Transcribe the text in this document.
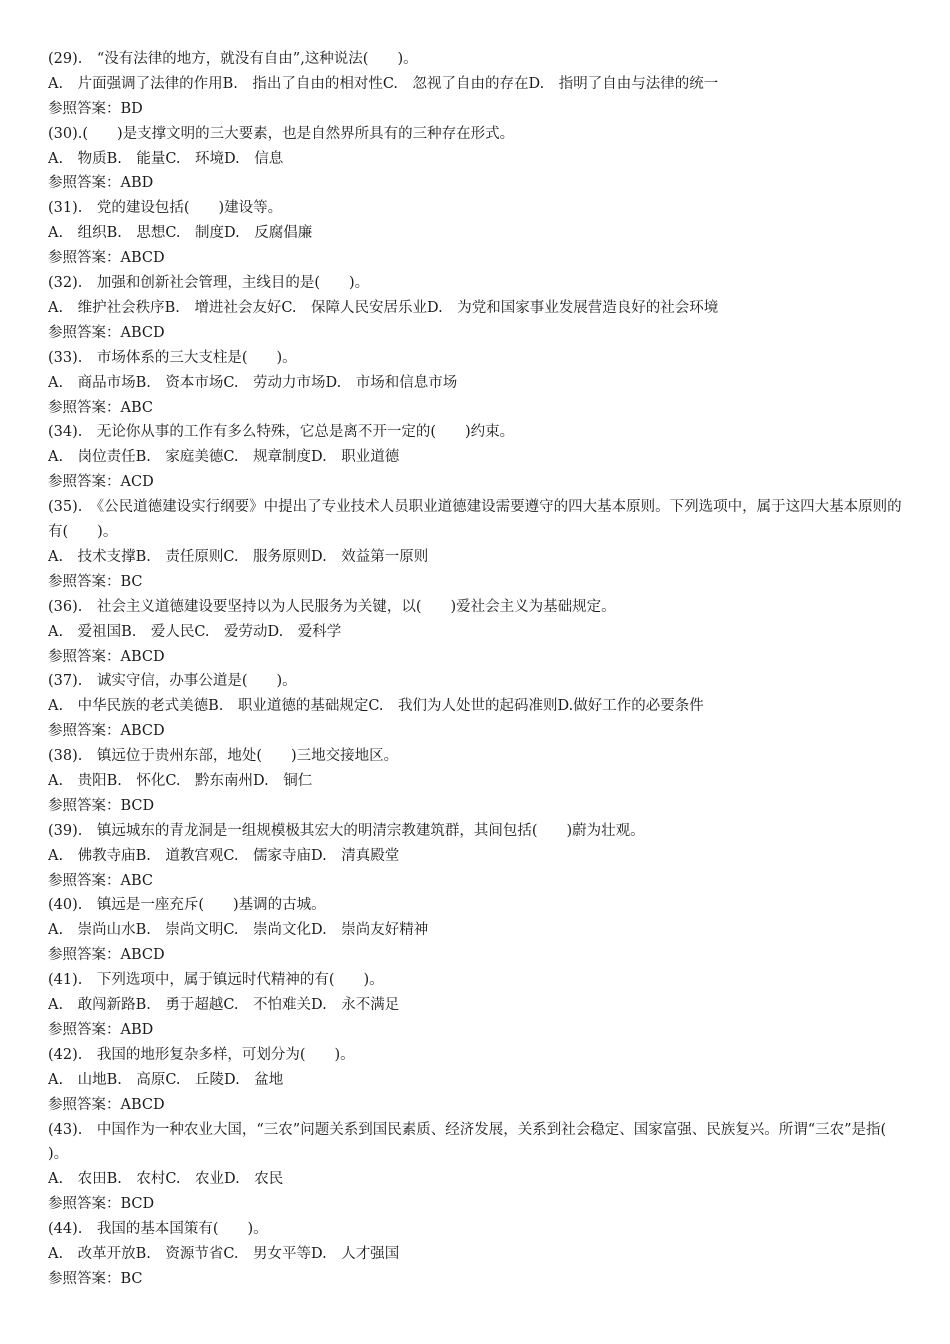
(29).　“没有法律的地方，就没有自由”,这种说法(　　)。
A.　片面强调了法律的作用B.　指出了自由的相对性C.　忽视了自由的存在D.　指明了自由与法律的统一
参照答案：BD
(30).(　　)是支撑文明的三大要素，也是自然界所具有的三种存在形式。
A.　物质B.　能量C.　环境D.　信息
参照答案：ABD
(31).　党的建设包括(　　)建设等。
A.　组织B.　思想C.　制度D.　反腐倡廉
参照答案：ABCD
(32).　加强和创新社会管理，主线目的是(　　)。
A.　维护社会秩序B.　增进社会友好C.　保障人民安居乐业D.　为党和国家事业发展营造良好的社会环境
参照答案：ABCD
(33).　市场体系的三大支柱是(　　)。
A.　商品市场B.　资本市场C.　劳动力市场D.　市场和信息市场
参照答案：ABC
(34).　无论你从事的工作有多么特殊，它总是离不开一定的(　　)约束。
A.　岗位责任B.　家庭美德C.　规章制度D.　职业道德
参照答案：ACD
(35).　《公民道德建设实行纲要》中提出了专业技术人员职业道德建设需要遵守的四大基本原则。下列选项中，属于这四大基本原则的有(　　)。
A.　技术支撑B.　责任原则C.　服务原则D.　效益第一原则
参照答案：BC
(36).　社会主义道德建设要坚持以为人民服务为关键，以(　　)爱社会主义为基础规定。
A.　爱祖国B.　爱人民C.　爱劳动D.　爱科学
参照答案：ABCD
(37).　诚实守信，办事公道是(　　)。
A.　中华民族的老式美德B.　职业道德的基础规定C.　我们为人处世的起码准则D.做好工作的必要条件
参照答案：ABCD
(38).　镇远位于贵州东部，地处(　　)三地交接地区。
A.　贵阳B.　怀化C.　黔东南州D.　铜仁
参照答案：BCD
(39).　镇远城东的青龙洞是一组规模极其宏大的明清宗教建筑群，其间包括(　　)蔚为壮观。
A.　佛教寺庙B.　道教宫观C.　儒家寺庙D.　清真殿堂
参照答案：ABC
(40).　镇远是一座充斥(　　)基调的古城。
A.　崇尚山水B.　崇尚文明C.　崇尚文化D.　崇尚友好精神
参照答案：ABCD
(41).　下列选项中，属于镇远时代精神的有(　　)。
A.　敢闯新路B.　勇于超越C.　不怕难关D.　永不满足
参照答案：ABD
(42).　我国的地形复杂多样，可划分为(　　)。
A.　山地B.　高原C.　丘陵D.　盆地
参照答案：ABCD
(43).　中国作为一种农业大国，“三农”问题关系到国民素质、经济发展，关系到社会稳定、国家富强、民族复兴。所谓“三农”是指(　　)。
A.　农田B.　农村C.　农业D.　农民
参照答案：BCD
(44).　我国的基本国策有(　　)。
A.　改革开放B.　资源节省C.　男女平等D.　人才强国
参照答案：BC
